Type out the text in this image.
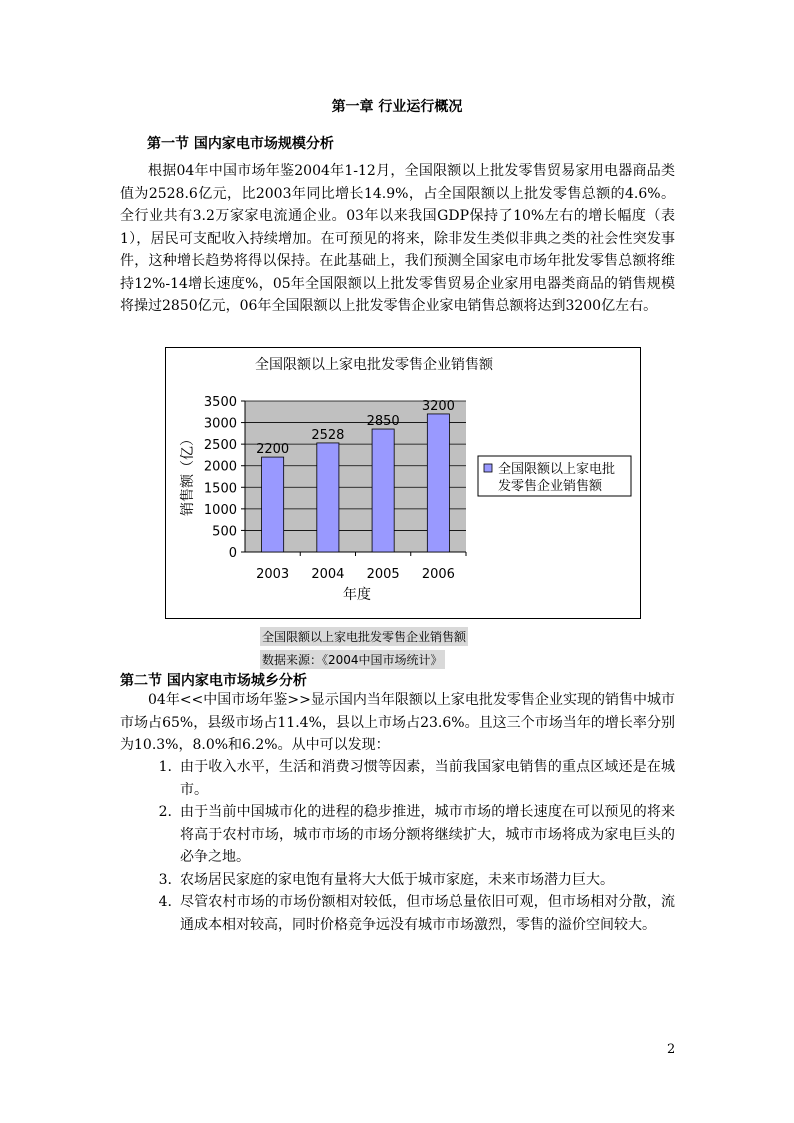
第一章 行业运行概况
第一节 国内家电市场规模分析
根据04年中国市场年鉴2004年1-12月，全国限额以上批发零售贸易家用电器商品类值为2528.6亿元，比2003年同比增长14.9%，占全国限额以上批发零售总额的4.6%。全行业共有3.2万家家电流通企业。03年以来我国GDP保持了10%左右的增长幅度（表1），居民可支配收入持续增加。在可预见的将来，除非发生类似非典之类的社会性突发事件，这种增长趋势将得以保持。在此基础上，我们预测全国家电市场年批发零售总额将维持12%-14增长速度%，05年全国限额以上批发零售贸易企业家用电器类商品的销售规模将操过2850亿元，06年全国限额以上批发零售企业家电销售总额将达到3200亿左右。
全国限额以上家电批发零售企业销售额
0
500
1000
1500
2000
2500
3000
3500
2200
2003
2528
2004
2850
2005
3200
2006
销售额（亿）
年度
全国限额以上家电批
发零售企业销售额
全国限额以上家电批发零售企业销售额
数据来源：《2004中国市场统计》
第二节 国内家电市场城乡分析
04年<<中国市场年鉴>>显示国内当年限额以上家电批发零售企业实现的销售中城市市场占65%，县级市场占11.4%，县以上市场占23.6%。且这三个市场当年的增长率分别为10.3%，8.0%和6.2%。从中可以发现：
1. 由于收入水平，生活和消费习惯等因素，当前我国家电销售的重点区域还是在城市。
2. 由于当前中国城市化的进程的稳步推进，城市市场的增长速度在可以预见的将来将高于农村市场，城市市场的市场分额将继续扩大，城市市场将成为家电巨头的必争之地。
3. 农场居民家庭的家电饱有量将大大低于城市家庭，未来市场潜力巨大。
4. 尽管农村市场的市场份额相对较低，但市场总量依旧可观，但市场相对分散，流通成本相对较高，同时价格竞争远没有城市市场激烈，零售的溢价空间较大。
2
